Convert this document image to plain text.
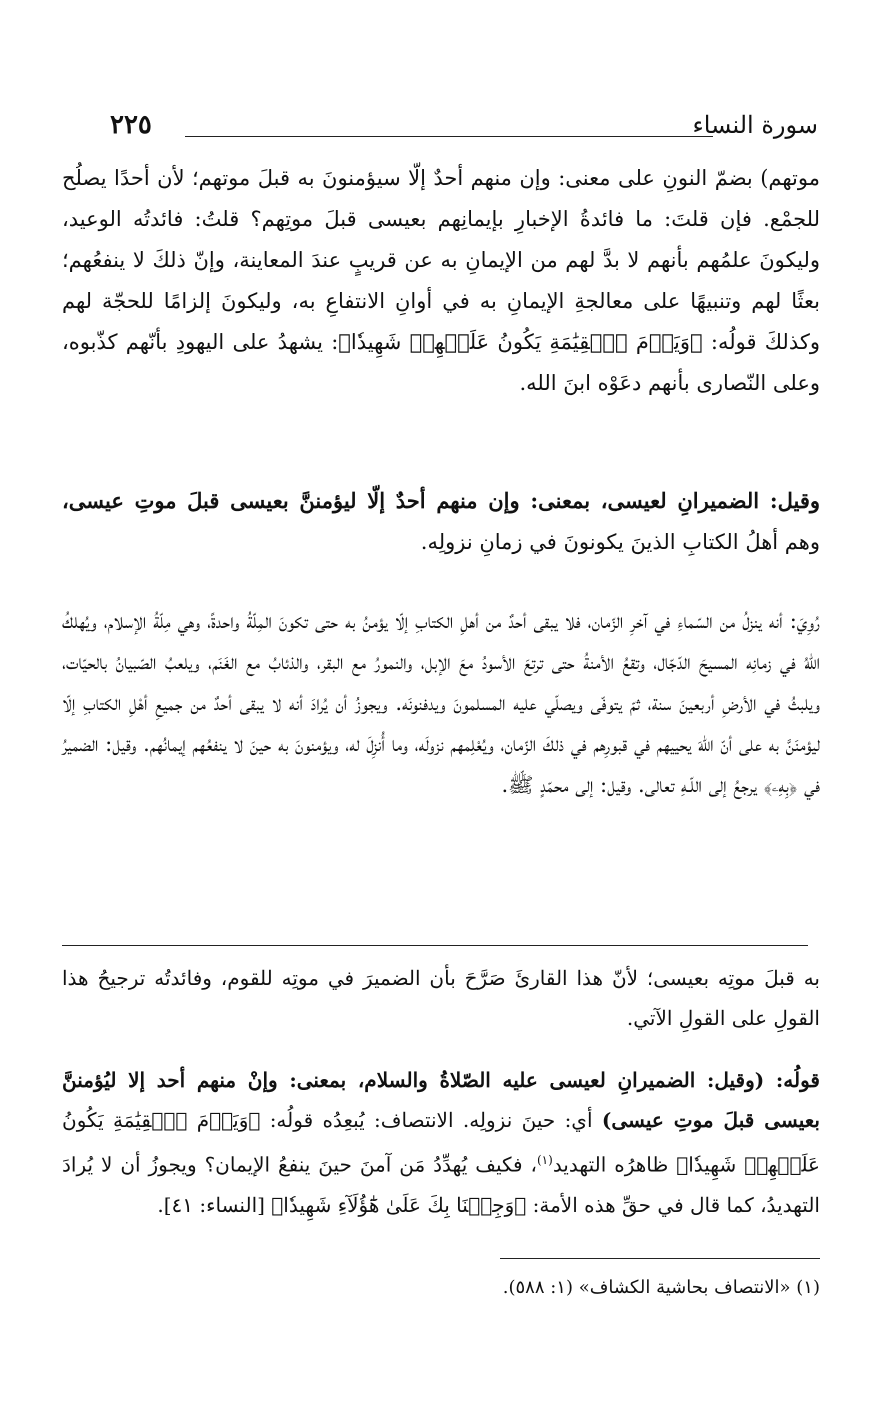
٢٢٥	سورة النساء
موتهم) بضمّ النونِ على معنى: وإن منهم أحدٌ إلّا سيؤمنونَ به قبلَ موتهم؛ لأن أحدًا يصلُح للجمْع. فإن قلتَ: ما فائدةُ الإخبارِ بإيمانِهم بعيسى قبلَ موتِهم؟ قلتُ: فائدتُه الوعيد، وليكونَ علمُهم بأنهم لا بدَّ لهم من الإيمانِ به عن قريبٍ عندَ المعاينة، وإنّ ذلكَ لا ينفعُهم؛ بعثًا لهم وتنبيهًا على معالجةِ الإيمانِ به في أوانِ الانتفاعِ به، وليكونَ إلزامًا للحجّة لهم وكذلكَ قولُه: ﴿وَيَوۡمَ ٱلۡقِيَٰمَةِ يَكُونُ عَلَيۡهِمۡ شَهِيدٗا﴾: يشهدُ على اليهودِ بأنّهم كذّبوه، وعلى النّصارى بأنهم دعَوْه ابنَ الله.
وقيل: الضميرانِ لعيسى، بمعنى: وإن منهم أحدٌ إلّا ليؤمننَّ بعيسى قبلَ موتِ عيسى، وهم أهلُ الكتابِ الذينَ يكونونَ في زمانِ نزولِه.
رُوِيَ: أنه ينزلُ من السّماءِ في آخرِ الزّمان، فلا يبقى أحدٌ من أهلِ الكتابِ إلّا يؤمنُ به حتى تكونَ المِلّةُ واحدةً، وهي مِلّةُ الإسلام، ويُهلكُ اللهُ في زمانِه المسيحَ الدّجّال، وتقعُ الأمنةُ حتى ترتعَ الأسودُ معَ الإبل، والنمورُ مع البقر، والذئابُ مع الغَنَم، ويلعبُ الصّبيانُ بالحيّات، ويلبثُ في الأرضِ أربعينَ سنة، ثمّ يتوفّى ويصلّي عليه المسلمونَ ويدفنونَه. ويجوزُ أن يُرادَ أنه لا يبقى أحدٌ من جميعِ أهْلِ الكتابِ إلّا ليؤمنَنَّ به على أنّ اللهَ يحييهم في قبورِهم في ذلكَ الزّمان، ويُعْلِمهم نزولَه، وما أُنزِلَ له، ويؤمنونَ به حينَ لا ينفعُهم إيمانُهم. وقيل: الضميرُ في ﴿بِهِۦ﴾ يرجعُ إلى اللّـهِ تعالى. وقيل: إلى محمّدٍ ﷺ.
به قبلَ موتِه بعيسى؛ لأنّ هذا القارئَ صَرَّحَ بأن الضميرَ في موتِه للقوم، وفائدتُه ترجيحُ هذا القولِ على القولِ الآتي.
قولُه: (وقيل: الضميرانِ لعيسى عليه الصّلاةُ والسلام، بمعنى: وإنْ منهم أحد إلا ليُؤمننَّ بعيسى قبلَ موتِ عيسى) أي: حينَ نزولِه. الانتصاف: يُبعِدُه قولُه: ﴿وَيَوۡمَ ٱلۡقِيَٰمَةِ يَكُونُ عَلَيۡهِمۡ شَهِيدٗا﴾ ظاهرُه التهديد$^{(١)}$، فكيف يُهدِّدُ مَن آمنَ حينَ ينفعُ الإيمان؟ ويجوزُ أن لا يُرادَ التهديدُ، كما قال في حقِّ هذه الأمة: ﴿وَجِئۡنَا بِكَ عَلَىٰ هَٰٓؤُلَآءِ شَهِيدٗا﴾ [النساء: ٤١].
(١) «الانتصاف بحاشية الكشاف» (١: ٥٨٨).
